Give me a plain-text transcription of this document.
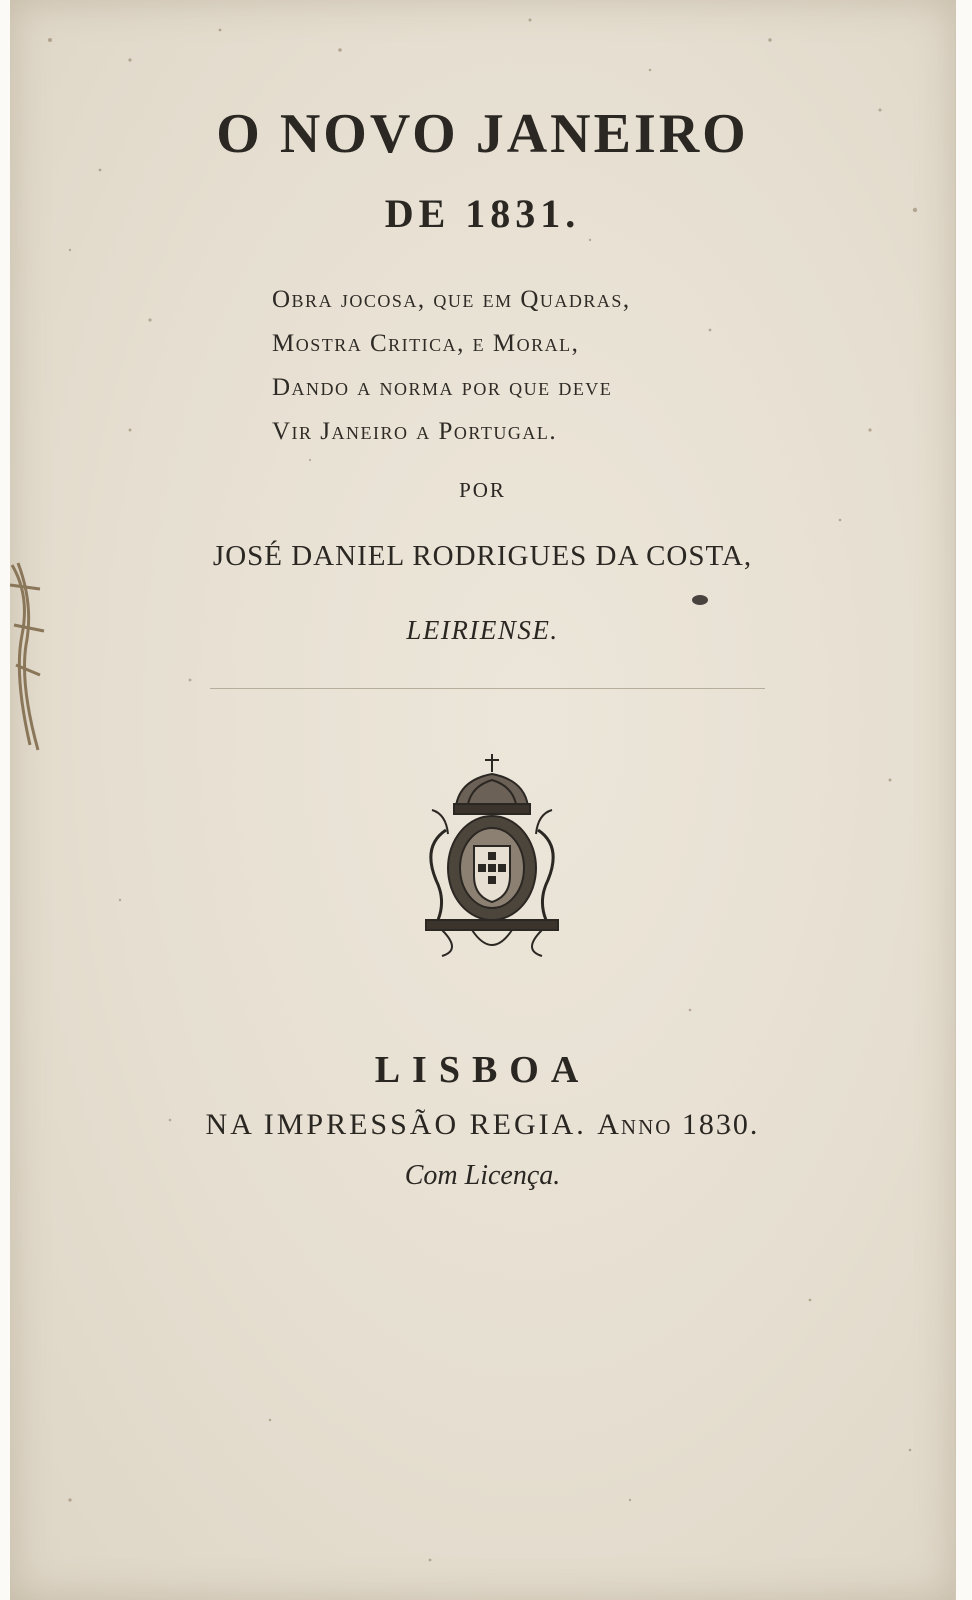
O NOVO JANEIRO
DE 1831.
Obra jocosa, que em Quadras,
Mostra Critica, e Moral,
Dando a norma por que deve
Vir Janeiro a Portugal.
POR
JOSÉ DANIEL RODRIGUES DA COSTA,
LEIRIENSE.
LISBOA
NA IMPRESSÃO REGIA. Anno 1830.
Com Licença.
